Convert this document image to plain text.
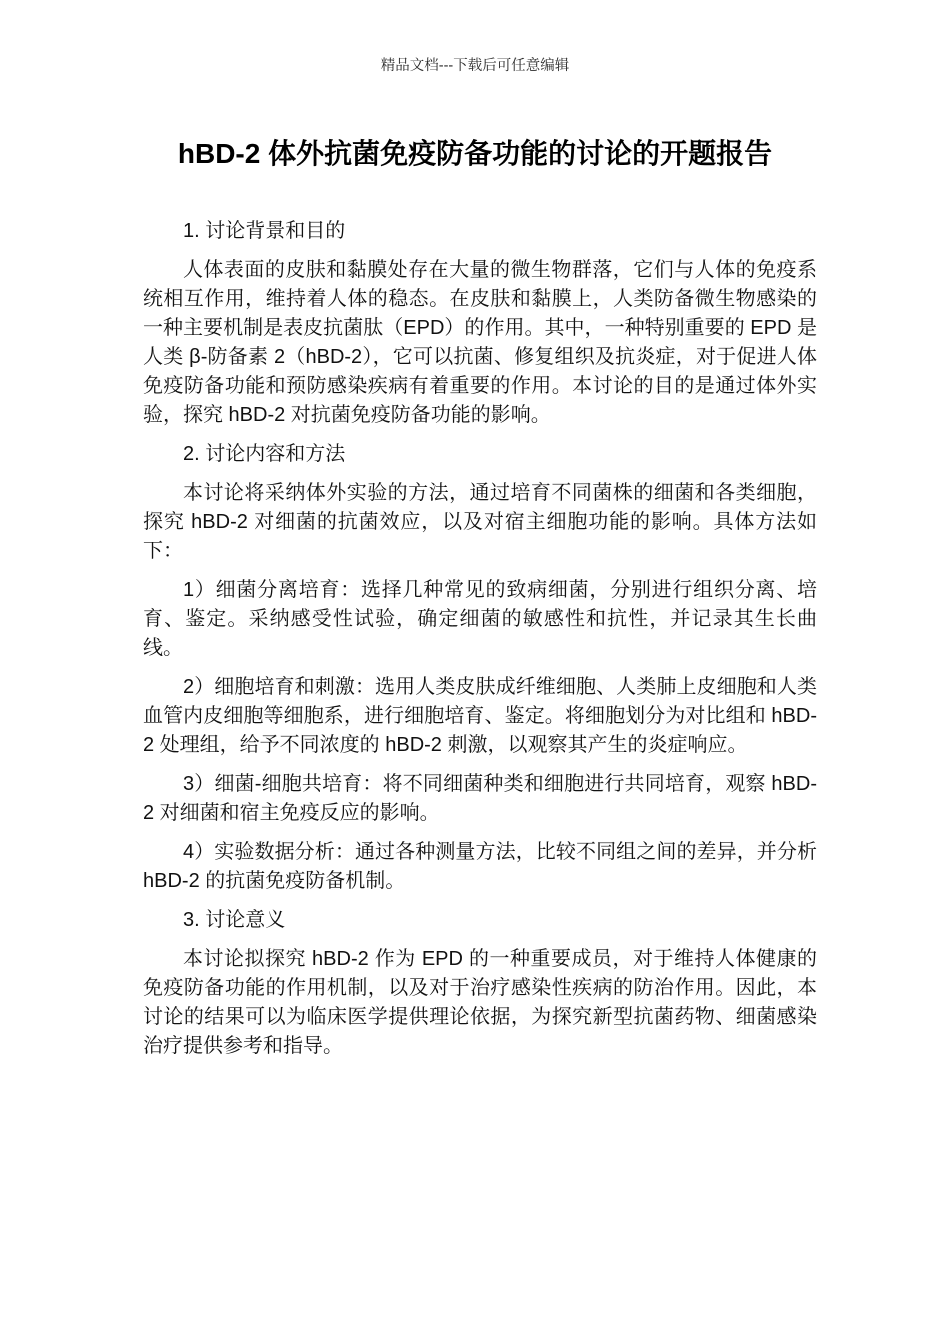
精品文档---下载后可任意编辑
hBD-2 体外抗菌免疫防备功能的讨论的开题报告
1. 讨论背景和目的

人体表面的皮肤和黏膜处存在大量的微生物群落，它们与人体的免疫系统相互作用，维持着人体的稳态。在皮肤和黏膜上，人类防备微生物感染的一种主要机制是表皮抗菌肽（EPD）的作用。其中，一种特别重要的 EPD 是人类 β-防备素 2（hBD-2），它可以抗菌、修复组织及抗炎症，对于促进人体免疫防备功能和预防感染疾病有着重要的作用。本讨论的目的是通过体外实验，探究 hBD-2 对抗菌免疫防备功能的影响。

2. 讨论内容和方法

本讨论将采纳体外实验的方法，通过培育不同菌株的细菌和各类细胞，探究 hBD-2 对细菌的抗菌效应，以及对宿主细胞功能的影响。具体方法如下：

1）细菌分离培育：选择几种常见的致病细菌，分别进行组织分离、培育、鉴定。采纳感受性试验，确定细菌的敏感性和抗性，并记录其生长曲线。

2）细胞培育和刺激：选用人类皮肤成纤维细胞、人类肺上皮细胞和人类血管内皮细胞等细胞系，进行细胞培育、鉴定。将细胞划分为对比组和 hBD-2 处理组，给予不同浓度的 hBD-2 刺激，以观察其产生的炎症响应。

3）细菌-细胞共培育：将不同细菌种类和细胞进行共同培育，观察 hBD-2 对细菌和宿主免疫反应的影响。

4）实验数据分析：通过各种测量方法，比较不同组之间的差异，并分析 hBD-2 的抗菌免疫防备机制。

3. 讨论意义

本讨论拟探究 hBD-2 作为 EPD 的一种重要成员，对于维持人体健康的免疫防备功能的作用机制，以及对于治疗感染性疾病的防治作用。因此，本讨论的结果可以为临床医学提供理论依据，为探究新型抗菌药物、细菌感染治疗提供参考和指导。
